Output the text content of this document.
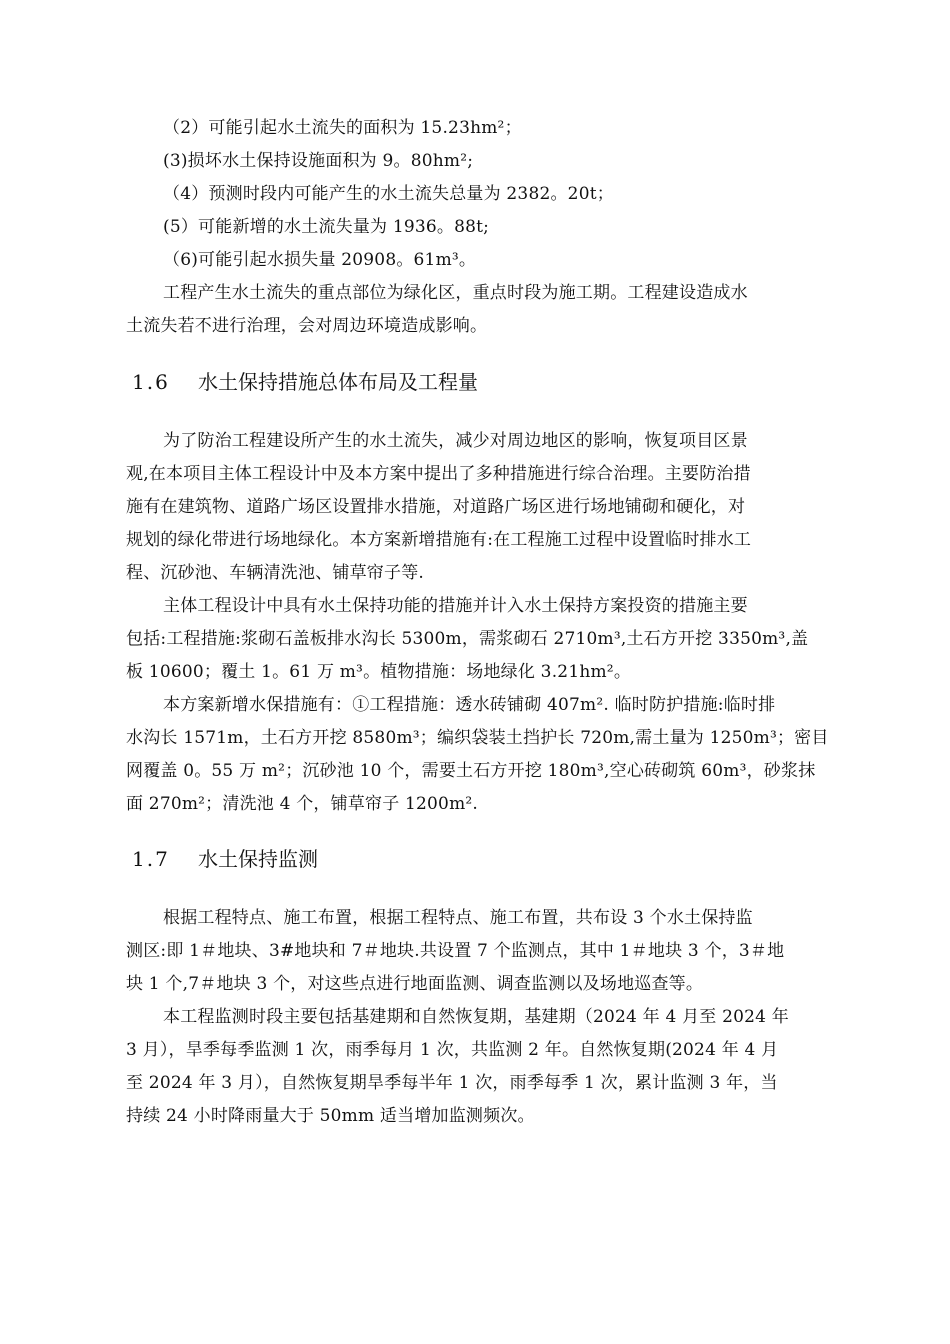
（2）可能引起水土流失的面积为 15.23hm²；
(3)损坏水土保持设施面积为 9。80hm²;
（4）预测时段内可能产生的水土流失总量为 2382。20t；
(5）可能新增的水土流失量为 1936。88t;
（6)可能引起水损失量 20908。61m³。
工程产生水土流失的重点部位为绿化区，重点时段为施工期。工程建设造成水
土流失若不进行治理，会对周边环境造成影响。
1.6 水土保持措施总体布局及工程量
为了防治工程建设所产生的水土流失，减少对周边地区的影响，恢复项目区景
观,在本项目主体工程设计中及本方案中提出了多种措施进行综合治理。主要防治措
施有在建筑物、道路广场区设置排水措施，对道路广场区进行场地铺砌和硬化，对
规划的绿化带进行场地绿化。本方案新增措施有:在工程施工过程中设置临时排水工
程、沉砂池、车辆清洗池、铺草帘子等.
主体工程设计中具有水土保持功能的措施并计入水土保持方案投资的措施主要
包括:工程措施:浆砌石盖板排水沟长 5300m，需浆砌石 2710m³,土石方开挖 3350m³,盖
板 10600；覆土 1。61 万 m³。植物措施：场地绿化 3.21hm²。
本方案新增水保措施有：①工程措施：透水砖铺砌 407m². 临时防护措施:临时排
水沟长 1571m，土石方开挖 8580m³；编织袋装土挡护长 720m,需土量为 1250m³；密目
网覆盖 0。55 万 m²；沉砂池 10 个，需要土石方开挖 180m³,空心砖砌筑 60m³，砂浆抹
面 270m²；清洗池 4 个，铺草帘子 1200m².
1.7 水土保持监测
根据工程特点、施工布置，根据工程特点、施工布置，共布设 3 个水土保持监
测区:即 1＃地块、3#地块和 7＃地块.共设置 7 个监测点，其中 1＃地块 3 个，3＃地
块 1 个,7＃地块 3 个，对这些点进行地面监测、调查监测以及场地巡查等。
本工程监测时段主要包括基建期和自然恢复期，基建期（2024 年 4 月至 2024 年
3 月），旱季每季监测 1 次，雨季每月 1 次，共监测 2 年。自然恢复期(2024 年 4 月
至 2024 年 3 月），自然恢复期旱季每半年 1 次，雨季每季 1 次，累计监测 3 年，当
持续 24 小时降雨量大于 50mm 适当增加监测频次。
